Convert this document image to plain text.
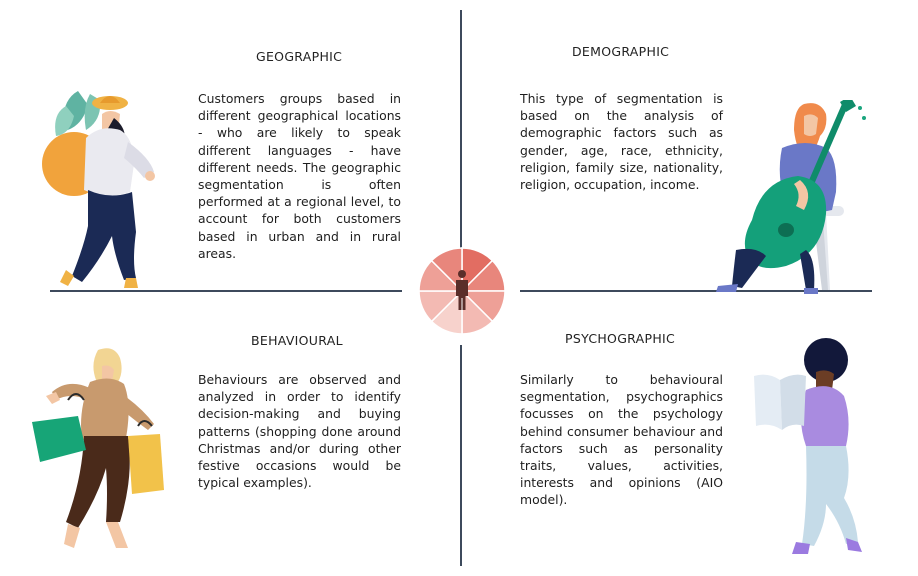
GEOGRAPHIC
Customers groups based in different geographical locations - who are likely to speak different languages - have different needs. The geographic segmentation is often performed at a regional level, to account for both customers based in urban and in rural areas.
DEMOGRAPHIC
This type of segmentation is based on the analysis of demographic factors such as gender, age, race, ethnicity, religion, family size, nationality, religion, occupation, income.
BEHAVIOURAL
Behaviours are observed and analyzed in order to identify decision-making and buying patterns (shopping done around Christmas and/or during other festive occasions would be typical examples).
PSYCHOGRAPHIC
Similarly to behavioural segmentation, psychographics focusses on the psychology behind consumer behaviour and factors such as personality traits, values, activities, interests and opinions (AIO model).
